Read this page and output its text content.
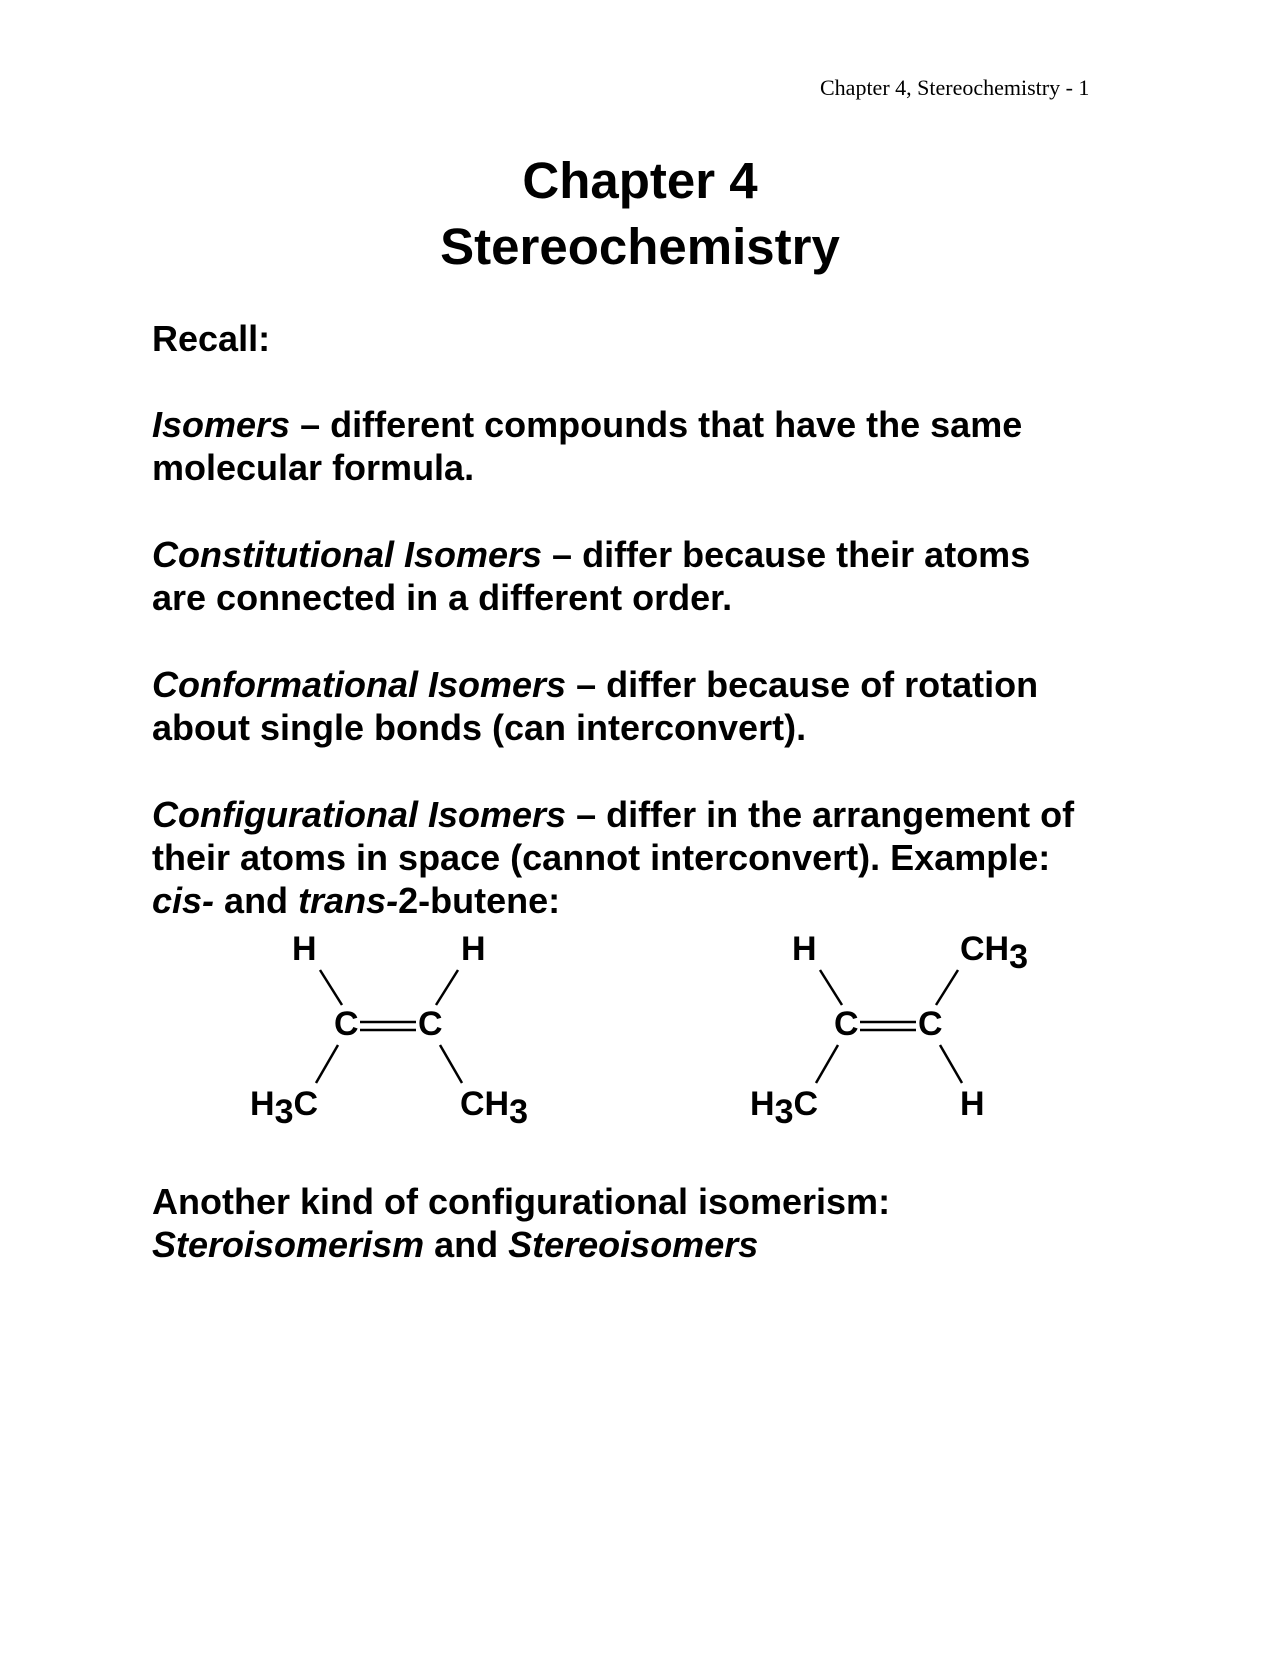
Chapter 4, Stereochemistry - 1
Chapter 4
Stereochemistry
Recall:
Isomers – different compounds that have the same
molecular formula.
Constitutional Isomers – differ because their atoms
are connected in a different order.
Conformational Isomers – differ because of rotation
about single bonds (can interconvert).
Configurational Isomers – differ in the arrangement of
their atoms in space (cannot interconvert). Example:
cis- and trans-2-butene:
H	H
C C
H3C	CH3
H	CH3
C C
H3C	H
Another kind of configurational isomerism:
Steroisomerism and Stereoisomers
